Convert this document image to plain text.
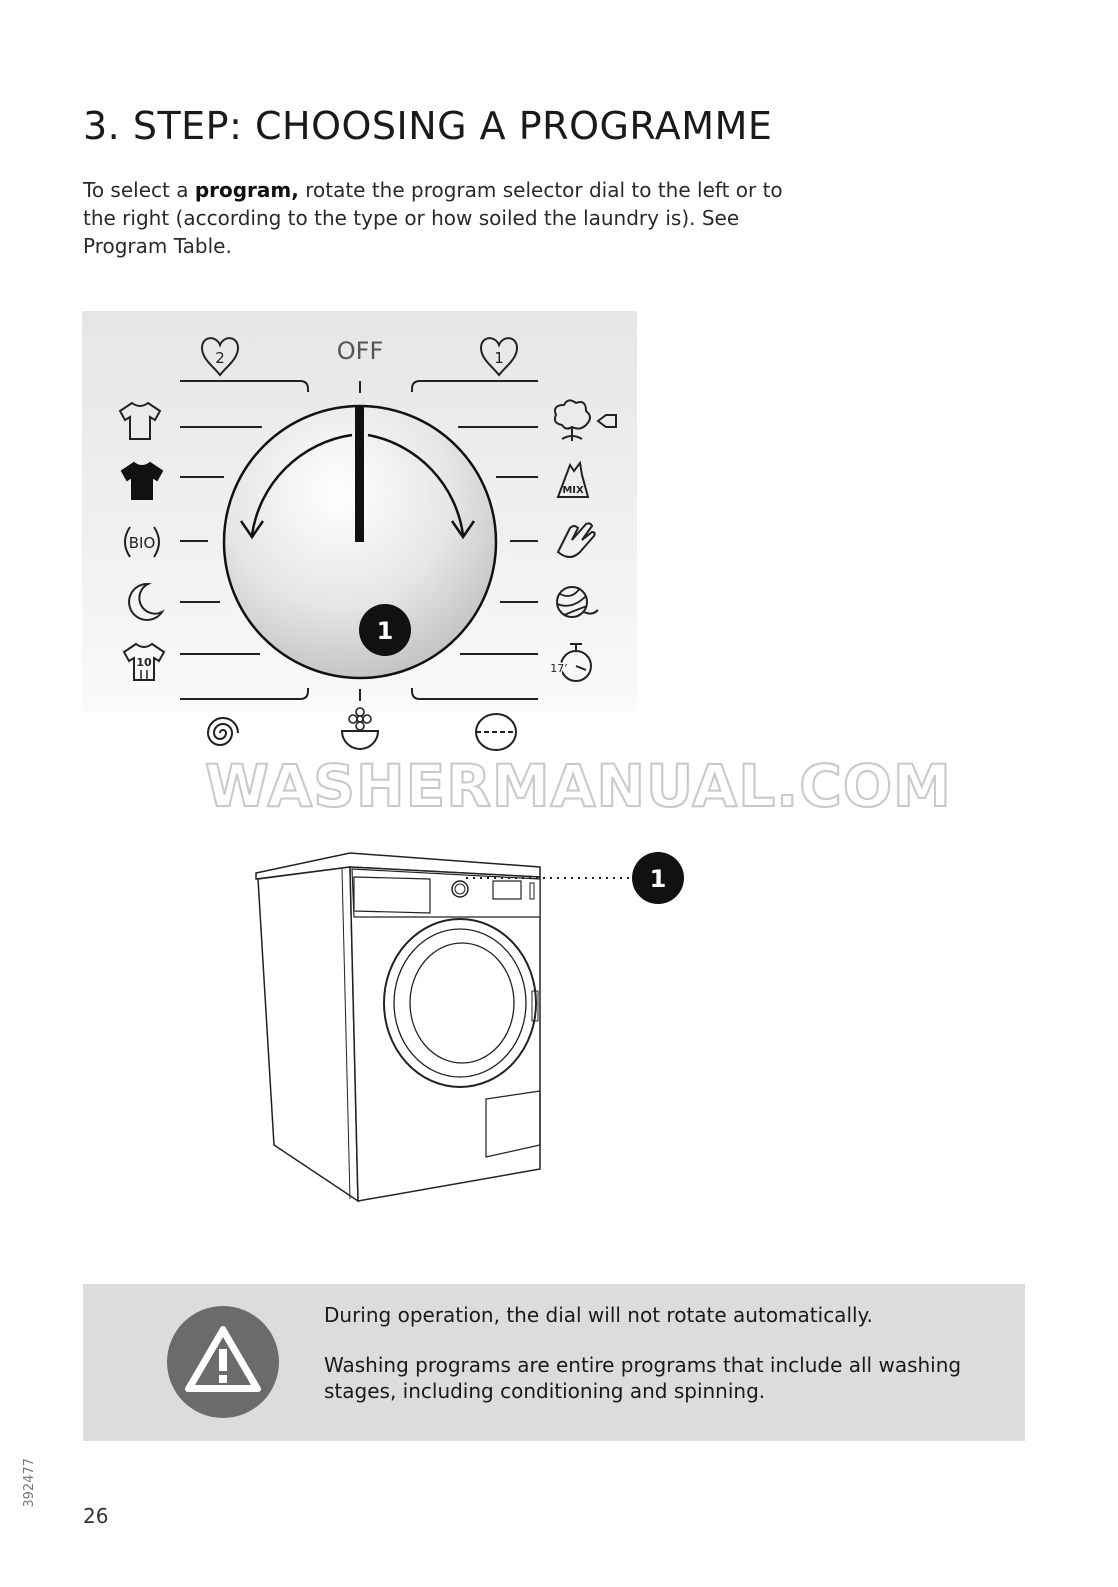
3. STEP: CHOOSING A PROGRAMME

To select a program, rotate the program selector dial to the left or to the right (according to the type or how soiled the laundry is). See Program Table.

OFF
1
2	1
BIO
10
MIX
17’
WASHERMANUAL.COM
1

During operation, the dial will not rotate automatically.

Washing programs are entire programs that include all washing stages, including conditioning and spinning.

392477
26
